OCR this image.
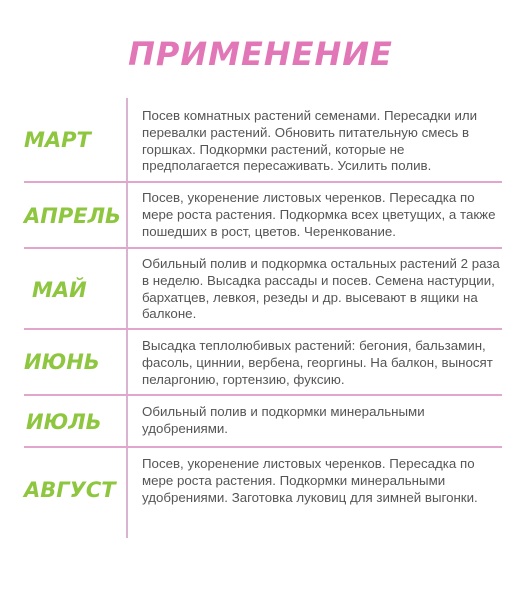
ПРИМЕНЕНИЕ
МАРТ
Посев комнатных растений семенами. Пересадки или перевалки растений. Обновить питательную смесь в горшках. Подкормки растений, которые не предполагается пересаживать. Усилить полив.
АПРЕЛЬ
Посев, укоренение листовых черенков. Пересадка по мере роста растения. Подкормка всех цветущих, а также пошедших в рост, цветов. Черенкование.
МАЙ
Обильный полив и подкормка остальных растений 2 раза в неделю. Высадка рассады и посев. Семена настурции, бархатцев, левкоя, резеды и др. высевают в ящики на балконе.
ИЮНЬ
Высадка теплолюбивых растений: бегония, бальзамин, фасоль, циннии, вербена, георгины. На балкон, выносят пеларгонию, гортензию, фуксию.
ИЮЛЬ	Обильный полив и подкормки минеральными удобрениями.
АВГУСТ
Посев, укоренение листовых черенков. Пересадка по мере роста растения. Подкормки минеральными удобрениями. Заготовка луковиц для зимней выгонки.
